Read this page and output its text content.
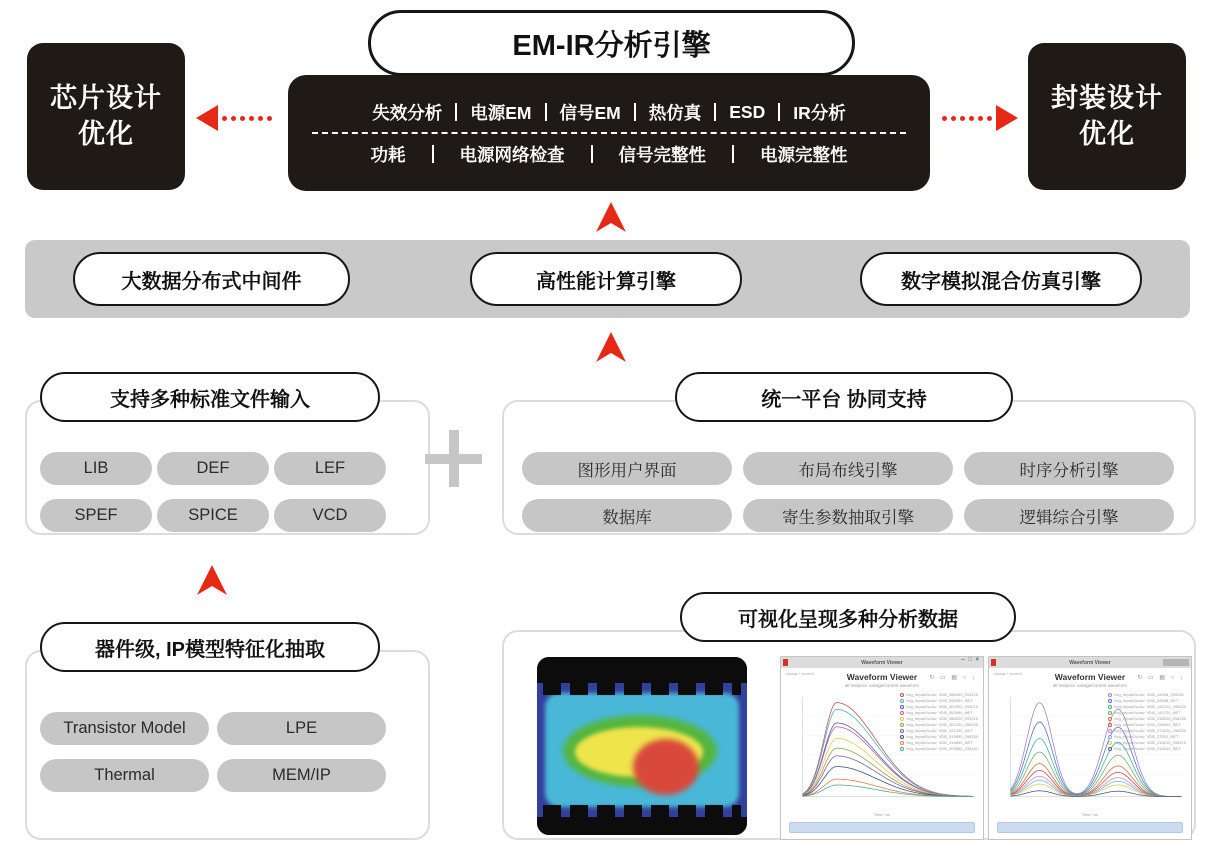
芯片设计
优化
封装设计
优化
EM-IR分析引擎
失效分析 电源EM 信号EM 热仿真 ESD IR分析
功耗	电源网络检查	信号完整性	电源完整性
大数据分布式中间件	高性能计算引擎	数字模拟混合仿真引擎
支持多种标准文件输入
LIB	DEF	LEF
SPEF	SPICE	VCD
统一平台 协同支持
图形用户界面	布局布线引擎	时序分析引擎
数据库	寄生参数抽取引擎	逻辑综合引擎
器件级, IP模型特征化抽取
Transistor Model	LPE
Thermal	MEM/IP
可视化呈现多种分析数据
Waveform Viewer	– □ ×
Waveform Viewer
all instance voltage/current waveform
↻ ▭ ▤ ○ ↓
voltage / current
hvg_report2v.csv: VDB_558390_293210
hvg_report2v.csv: VDB_558390_NET
hvg_report2v.csv: VDB_552590_293210
hvg_report2v.csv: VDB_552590_NET
hvg_report2v.csv: VDB_586020_293210
hvg_report2v.csv: VDB_321230_258230
hvg_report2v.csv: VDB_321230_NET
hvg_report2v.csv: VDB_515890_298230
hvg_report2v.csv: VDB_515890_NET
hvg_report2v.csv: VDB_509880_236110
Time / ns
Waveform Viewer
Waveform Viewer
all instance voltage/current waveform
↻ ▭ ▤ ○ ↓
voltage / current
hvg_report2v.csv: VDB_44598_259230
hvg_report2v.csv: VDB_44598_NET
hvg_report2v.csv: VDB_145720_298230
hvg_report2v.csv: VDB_145720_NET
hvg_report2v.csv: VDB_238020_298230
hvg_report2v.csv: VDB_238020_NET
hvg_report2v.csv: VDB_274020_298230
hvg_report2v.csv: VDB_27810_NET
hvg_report2v.csv: VDB_218010_298210
hvg_report2v.csv: VDB_218010_NET
Time / ns
